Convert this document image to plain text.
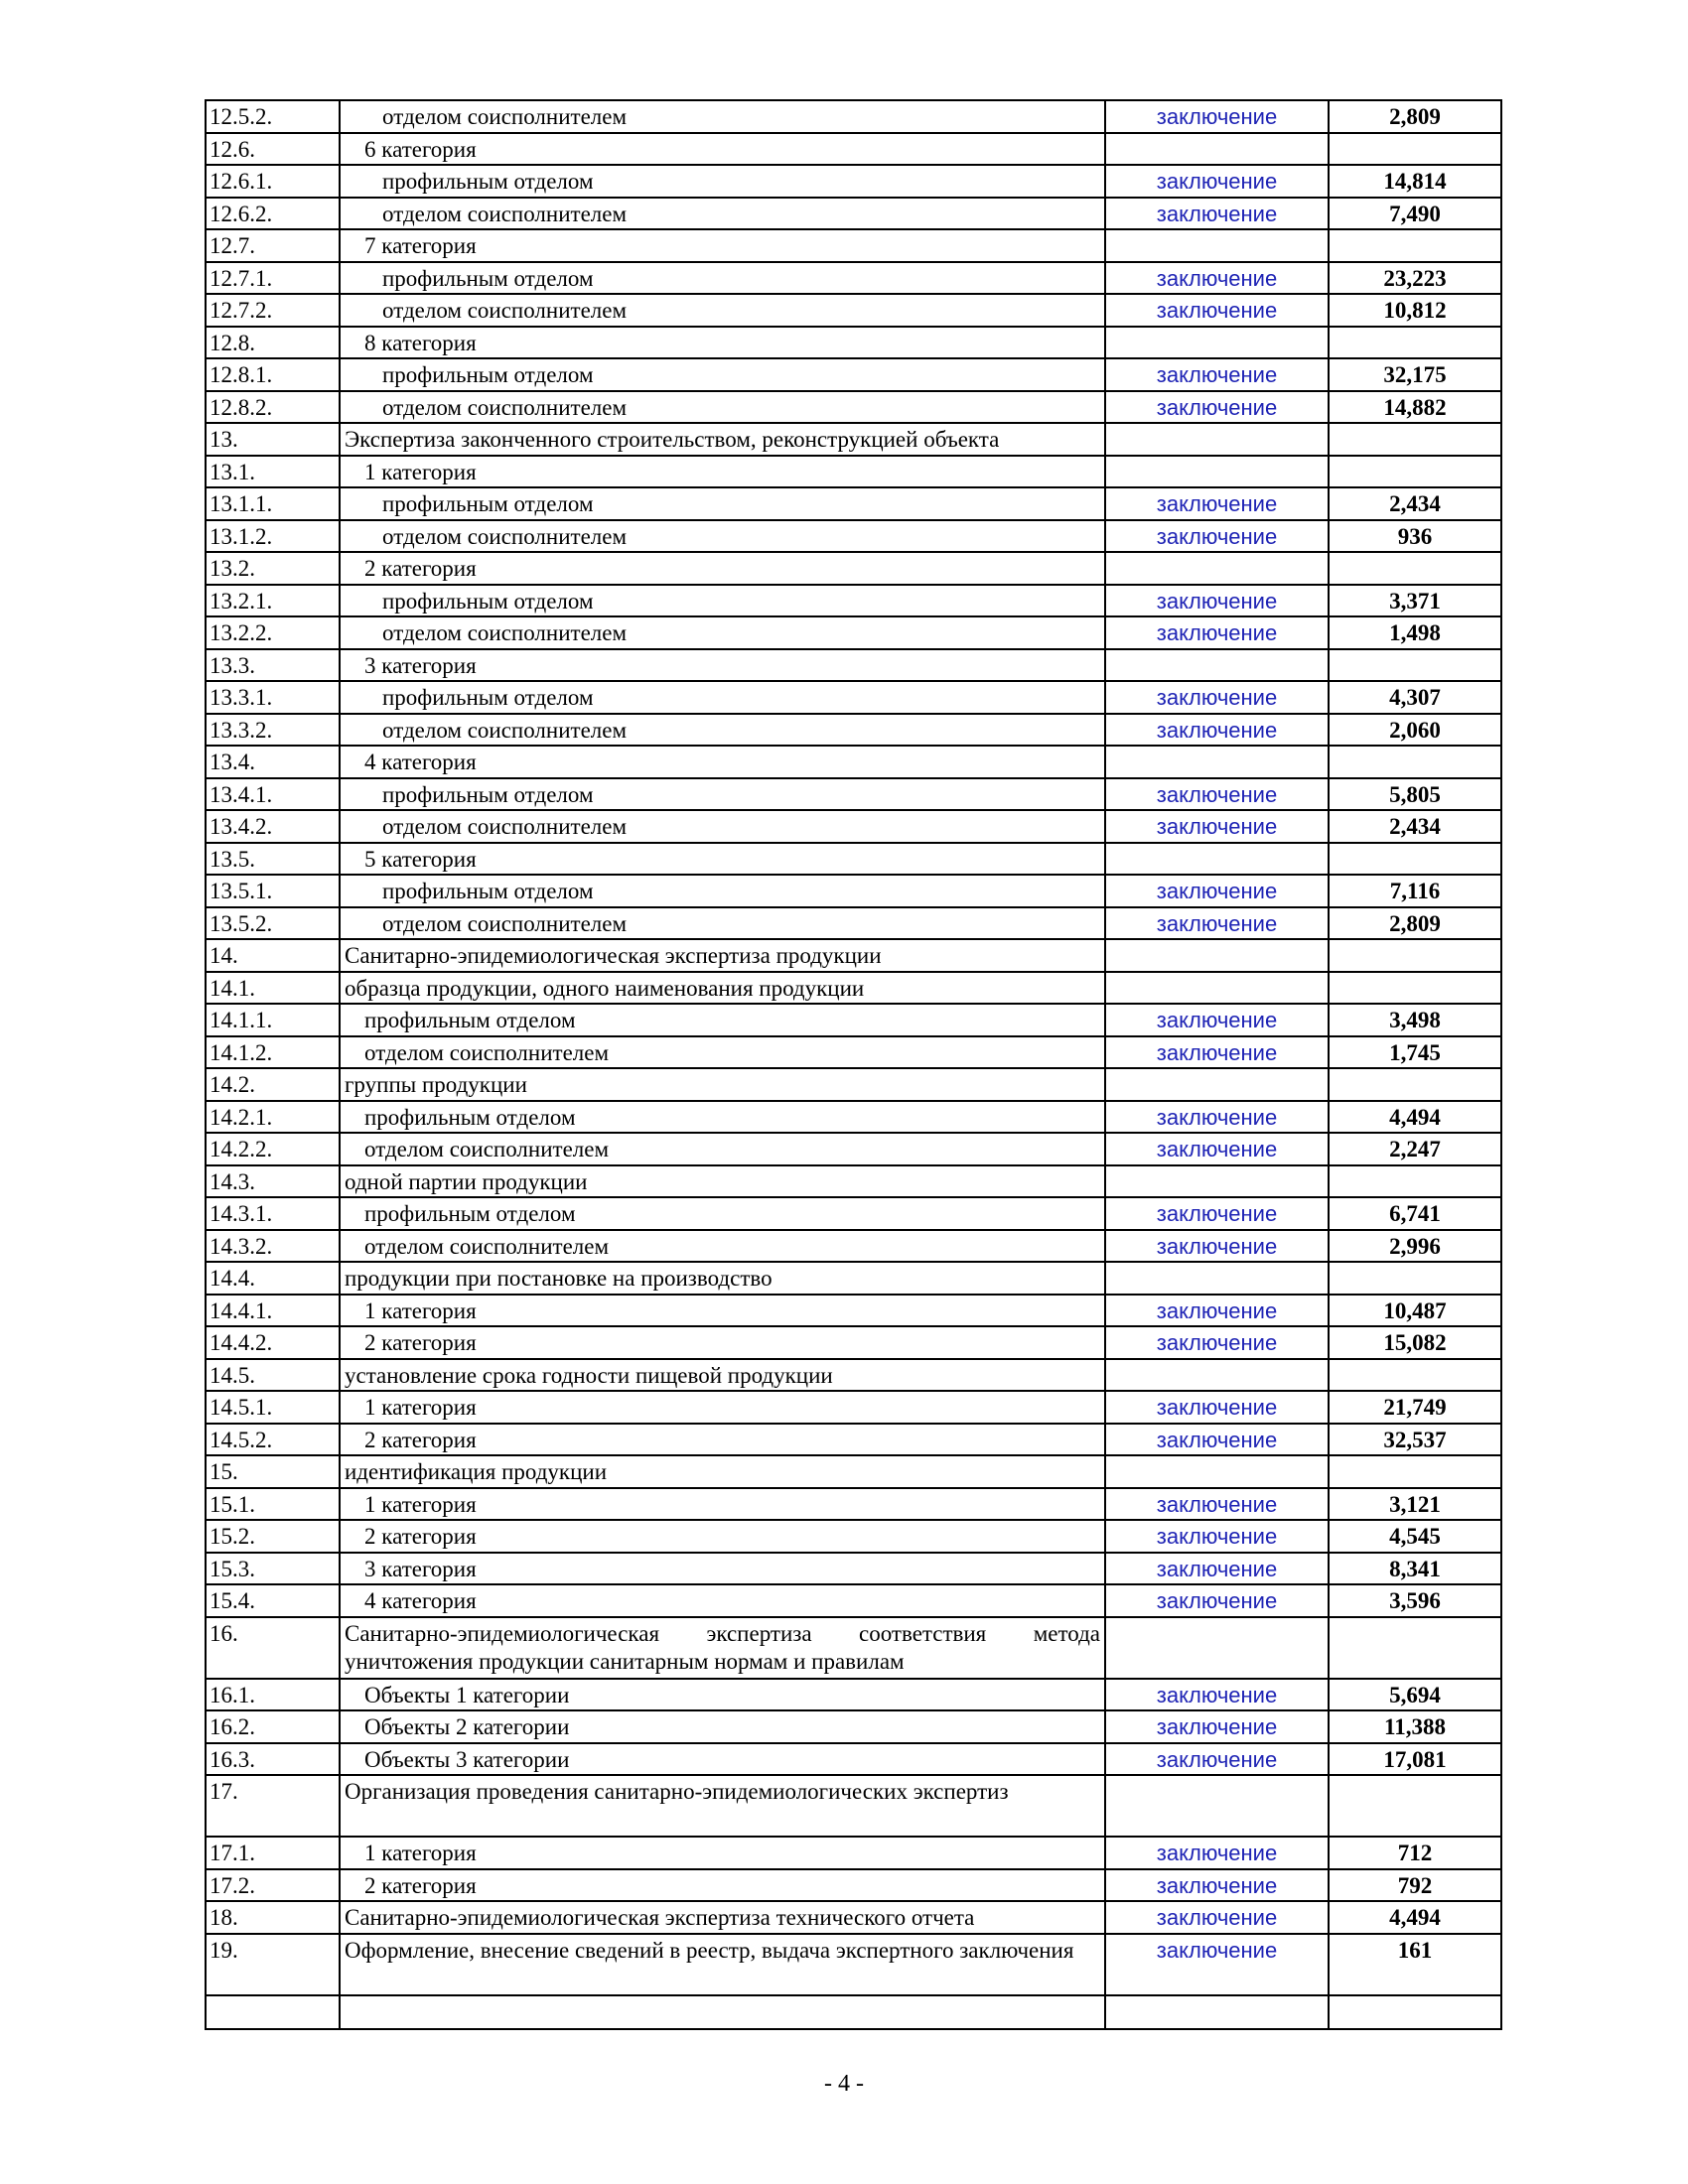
12.5.2.	отделом соисполнителем	заключение	2,809
12.6.	6 категория		
12.6.1.	профильным отделом	заключение	14,814
12.6.2.	отделом соисполнителем	заключение	7,490
12.7.	7 категория		
12.7.1.	профильным отделом	заключение	23,223
12.7.2.	отделом соисполнителем	заключение	10,812
12.8.	8 категория		
12.8.1.	профильным отделом	заключение	32,175
12.8.2.	отделом соисполнителем	заключение	14,882
13.	Экспертиза законченного строительством, реконструкцией объекта		
13.1.	1 категория		
13.1.1.	профильным отделом	заключение	2,434
13.1.2.	отделом соисполнителем	заключение	936
13.2.	2 категория		
13.2.1.	профильным отделом	заключение	3,371
13.2.2.	отделом соисполнителем	заключение	1,498
13.3.	3 категория		
13.3.1.	профильным отделом	заключение	4,307
13.3.2.	отделом соисполнителем	заключение	2,060
13.4.	4 категория		
13.4.1.	профильным отделом	заключение	5,805
13.4.2.	отделом соисполнителем	заключение	2,434
13.5.	5 категория		
13.5.1.	профильным отделом	заключение	7,116
13.5.2.	отделом соисполнителем	заключение	2,809
14.	Санитарно-эпидемиологическая экспертиза продукции		
14.1.	образца продукции, одного наименования продукции		
14.1.1.	профильным отделом	заключение	3,498
14.1.2.	отделом соисполнителем	заключение	1,745
14.2.	группы продукции		
14.2.1.	профильным отделом	заключение	4,494
14.2.2.	отделом соисполнителем	заключение	2,247
14.3.	одной партии продукции		
14.3.1.	профильным отделом	заключение	6,741
14.3.2.	отделом соисполнителем	заключение	2,996
14.4.	продукции при постановке на производство		
14.4.1.	1 категория	заключение	10,487
14.4.2.	2 категория	заключение	15,082
14.5.	установление срока годности пищевой продукции		
14.5.1.	1 категория	заключение	21,749
14.5.2.	2 категория	заключение	32,537
15.	идентификация продукции		
15.1.	1 категория	заключение	3,121
15.2.	2 категория	заключение	4,545
15.3.	3 категория	заключение	8,341
15.4.	4 категория	заключение	3,596
16.	Санитарно-эпидемиологическая экспертиза соответствия метода уничтожения продукции санитарным нормам и правилам		
16.1.	Объекты 1 категории	заключение	5,694
16.2.	Объекты 2 категории	заключение	11,388
16.3.	Объекты 3 категории	заключение	17,081
17.	Организация проведения санитарно-эпидемиологических экспертиз		
17.1.	1 категория	заключение	712
17.2.	2 категория	заключение	792
18.	Санитарно-эпидемиологическая экспертиза технического отчета	заключение	4,494
19.	Оформление, внесение сведений в реестр, выдача экспертного заключения	заключение	161

- 4 -
